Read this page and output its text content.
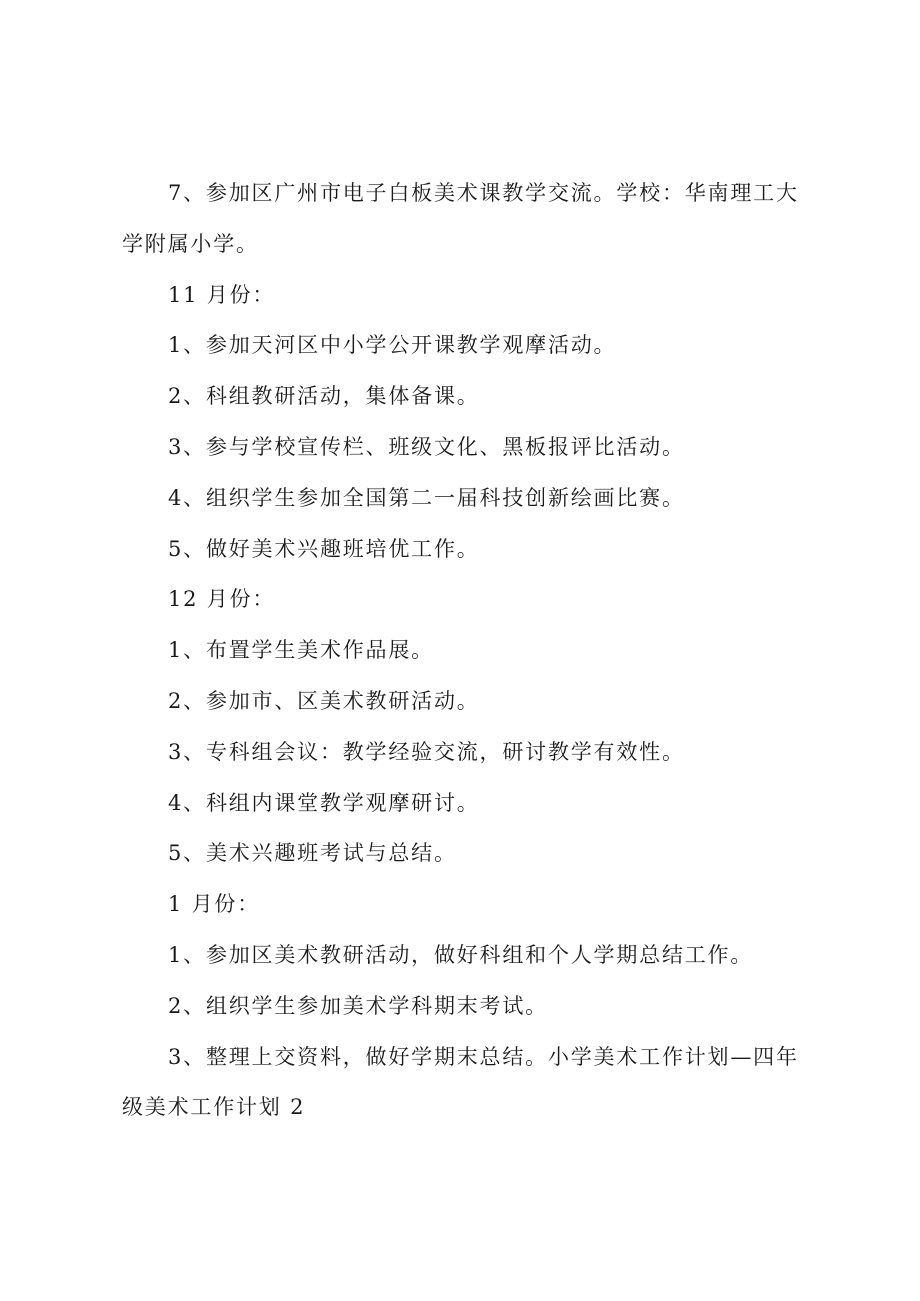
7、参加区广州市电子白板美术课教学交流。学校：华南理工大学附属小学。

11 月份：

1、参加天河区中小学公开课教学观摩活动。

2、科组教研活动，集体备课。

3、参与学校宣传栏、班级文化、黑板报评比活动。

4、组织学生参加全国第二一届科技创新绘画比赛。

5、做好美术兴趣班培优工作。

12 月份：

1、布置学生美术作品展。

2、参加市、区美术教研活动。

3、专科组会议：教学经验交流，研讨教学有效性。

4、科组内课堂教学观摩研讨。

5、美术兴趣班考试与总结。

1 月份：

1、参加区美术教研活动，做好科组和个人学期总结工作。

2、组织学生参加美术学科期末考试。

3、整理上交资料，做好学期末总结。小学美术工作计划—四年级美术工作计划 2
